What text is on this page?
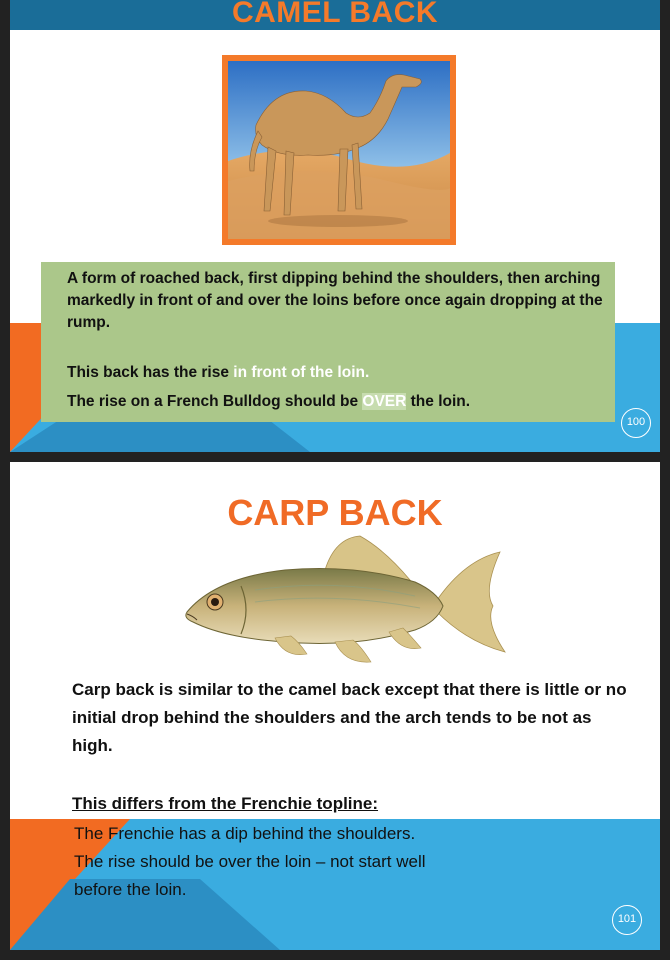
CAMEL BACK

A form of roached back, first dipping behind the shoulders, then arching markedly in front of and over the loins before once again dropping at the rump.

This back has the rise in front of the loin.

The rise on a French Bulldog should be OVER the loin.

100
CARP BACK

Carp back is similar to the camel back except that there is little or no initial drop behind the shoulders and the arch tends to be not as high.

This differs from the Frenchie topline:

The Frenchie has a dip behind the shoulders.

The rise should be over the loin – not start well

before the loin.

101
